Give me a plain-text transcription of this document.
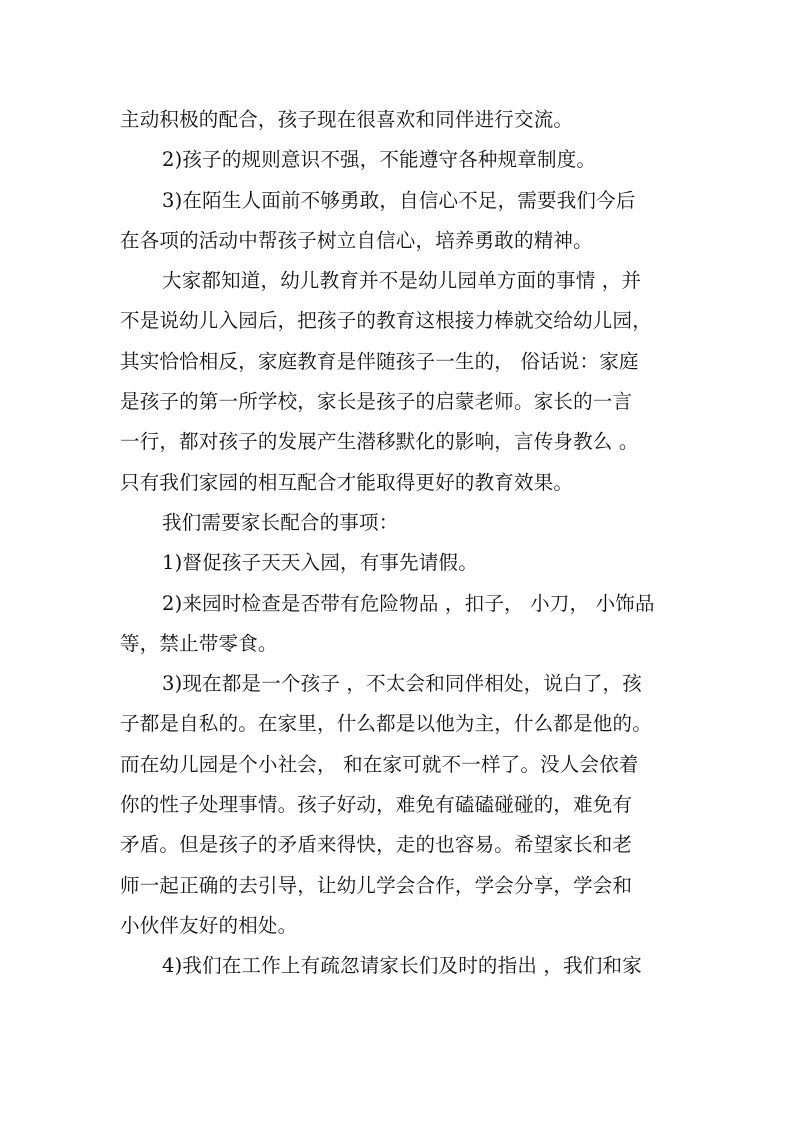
主动积极的配合，孩子现在很喜欢和同伴进行交流。
2)孩子的规则意识不强，不能遵守各种规章制度。
3)在陌生人面前不够勇敢，自信心不足，需要我们今后
在各项的活动中帮孩子树立自信心，培养勇敢的精神。
大家都知道，幼儿教育并不是幼儿园单方面的事情 ，并
不是说幼儿入园后，把孩子的教育这根接力棒就交给幼儿园，
其实恰恰相反，家庭教育是伴随孩子一生的， 俗话说：家庭
是孩子的第一所学校，家长是孩子的启蒙老师。家长的一言
一行，都对孩子的发展产生潜移默化的影响，言传身教么 。
只有我们家园的相互配合才能取得更好的教育效果。
我们需要家长配合的事项：
1)督促孩子天天入园，有事先请假。
2)来园时检查是否带有危险物品 ，扣子， 小刀， 小饰品
等，禁止带零食。
3)现在都是一个孩子 ，不太会和同伴相处，说白了，孩
子都是自私的。在家里，什么都是以他为主，什么都是他的。
而在幼儿园是个小社会， 和在家可就不一样了。没人会依着
你的性子处理事情。孩子好动，难免有磕磕碰碰的，难免有
矛盾。但是孩子的矛盾来得快，走的也容易。希望家长和老
师一起正确的去引导，让幼儿学会合作，学会分享，学会和
小伙伴友好的相处。
4)我们在工作上有疏忽请家长们及时的指出 ，我们和家
